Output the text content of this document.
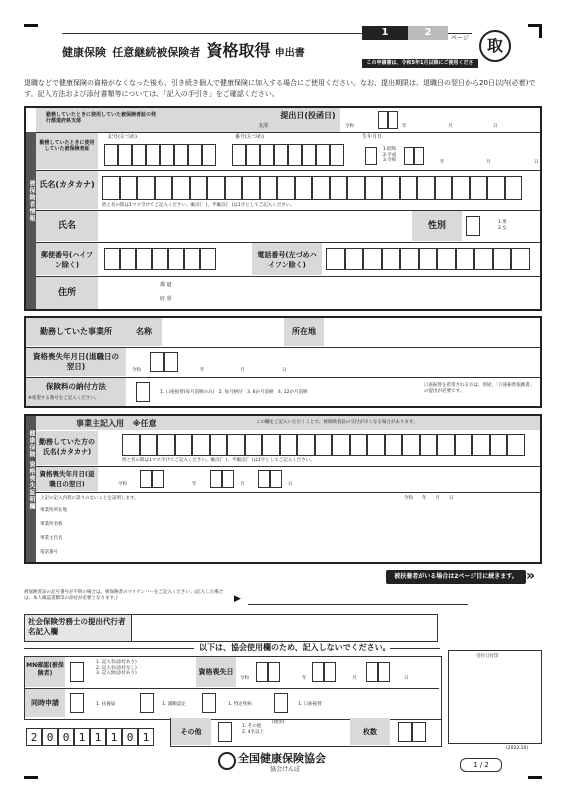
健康保険 任意継続被保険者 資格取得 申出書
1	2
ページ	取
この申請書は、令和5年1月以降にご使用ください。
退職などで健康保険の資格がなくなった後も、引き続き個人で健康保険に加入する場合にご使用ください。なお、提出期限は、退職日の翌日から20日以内(必着)です。記入方法および添付書類等については、「記入の手引き」をご確認ください。
被保険者情報
勤務していたときに使用していた被保険者証の発行都道府県支部
支部
提出日(投函日)
令和	年	月	日
勤務していたときに使用していた被保険者証
記号(左づめ)	番号(左づめ)	生年月日
1.昭和
2.平成
3.令和	年	月	日
氏名(カタカナ)
姓と名の間は1マス空けてご記入ください。濁点(゛)、半濁点(゜)は1字としてご記入ください。
氏名	性別	1.男
2.女
郵便番号(ハイフン除く)
電話番号(左づめハイフン除く)
住所
都 道
府 県
勤務していた事業所	名称	所在地
資格喪失年月日(退職日の翌日)	令和	年	月	日
保険料の納付方法
※希望する番号をご記入ください。
1. 口座振替(毎月前納のみ)　2. 毎月納付　3. 6か月前納　4. 12か月前納
口座振替を希望される方は、別途、「口座振替依頼書」の提出が必要です。
健康保険 資格喪失証明欄
事業主記入用 ※任意	この欄をご記入いただくことで、被保険者証の交付が早くなる場合があります。
勤務していた方の氏名(カタカナ)
姓と名の間は1マス空けてご記入ください。濁点(゛)、半濁点(゜)は1字としてご記入ください。
資格喪失年月日(退職日の翌日)	令和	年	月	日
上記の記入内容に誤りのないことを証明します。	令和　　年　　月　　日
事業所所在地
事業所名称
事業主氏名
電話番号
被扶養者がいる場合は2ページ目に続きます。 »
被保険者証の記号番号が不明の場合は、被保険者のマイナンバーをご記入ください。(記入した場合は、本人確認書類等の添付が必要となります。)	▶
社会保険労務士の提出代行者名記入欄
以下は、協会使用欄のため、記入しないでください。
MN確認(被保険者)
1. 記入有(添付あり)
2. 記入有(添付なし)
3. 記入無(添付あり)	資格喪失日
令和	年	月	日
同時申請	1. 扶養届	1. 減額認定	1. 特定疾病	1. 口座振替
2 0 0 1 1 1 0 1	その他
1. その他
2. 4名以上
(理由)
枚数
受付日付印
(2022.10)
全国健康保険協会
協会けんぽ
1 / 2
